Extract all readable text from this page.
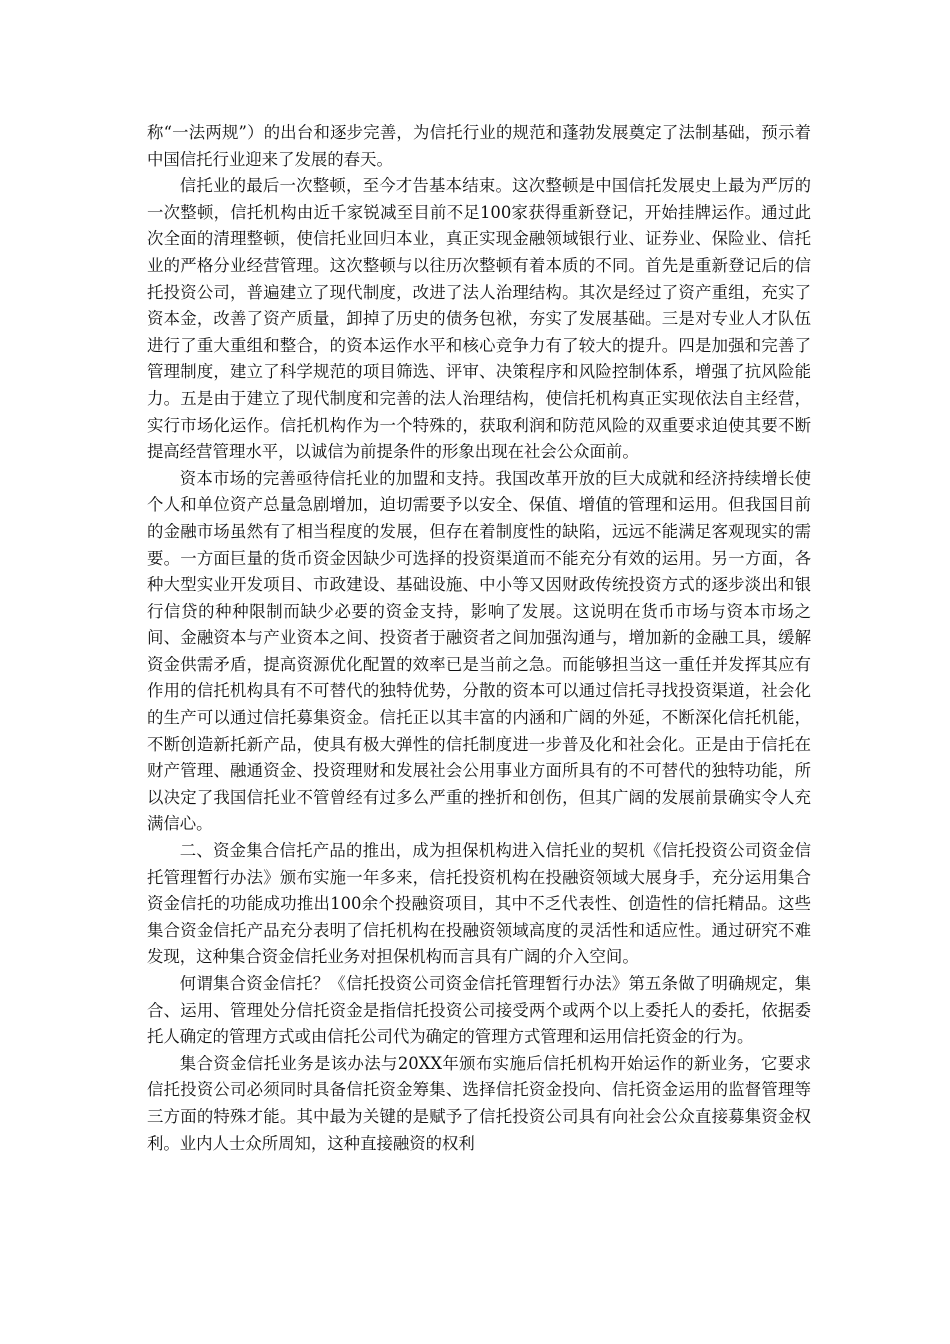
称“一法两规”）的出台和逐步完善，为信托行业的规范和蓬勃发展奠定了法制基础，预示着中国信托行业迎来了发展的春天。

信托业的最后一次整顿，至今才告基本结束。这次整顿是中国信托发展史上最为严厉的一次整顿，信托机构由近千家锐减至目前不足100家获得重新登记，开始挂牌运作。通过此次全面的清理整顿，使信托业回归本业，真正实现金融领域银行业、证券业、保险业、信托业的严格分业经营管理。这次整顿与以往历次整顿有着本质的不同。首先是重新登记后的信托投资公司，普遍建立了现代制度，改进了法人治理结构。其次是经过了资产重组，充实了资本金，改善了资产质量，卸掉了历史的债务包袱，夯实了发展基础。三是对专业人才队伍进行了重大重组和整合，的资本运作水平和核心竞争力有了较大的提升。四是加强和完善了管理制度，建立了科学规范的项目筛选、评审、决策程序和风险控制体系，增强了抗风险能力。五是由于建立了现代制度和完善的法人治理结构，使信托机构真正实现依法自主经营，实行市场化运作。信托机构作为一个特殊的，获取利润和防范风险的双重要求迫使其要不断提高经营管理水平，以诚信为前提条件的形象出现在社会公众面前。

资本市场的完善亟待信托业的加盟和支持。我国改革开放的巨大成就和经济持续增长使个人和单位资产总量急剧增加，迫切需要予以安全、保值、增值的管理和运用。但我国目前的金融市场虽然有了相当程度的发展，但存在着制度性的缺陷，远远不能满足客观现实的需要。一方面巨量的货币资金因缺少可选择的投资渠道而不能充分有效的运用。另一方面，各种大型实业开发项目、市政建设、基础设施、中小等又因财政传统投资方式的逐步淡出和银行信贷的种种限制而缺少必要的资金支持，影响了发展。这说明在货币市场与资本市场之间、金融资本与产业资本之间、投资者于融资者之间加强沟通与，增加新的金融工具，缓解资金供需矛盾，提高资源优化配置的效率已是当前之急。而能够担当这一重任并发挥其应有作用的信托机构具有不可替代的独特优势，分散的资本可以通过信托寻找投资渠道，社会化的生产可以通过信托募集资金。信托正以其丰富的内涵和广阔的外延，不断深化信托机能，不断创造新托新产品，使具有极大弹性的信托制度进一步普及化和社会化。正是由于信托在财产管理、融通资金、投资理财和发展社会公用事业方面所具有的不可替代的独特功能，所以决定了我国信托业不管曾经有过多么严重的挫折和创伤，但其广阔的发展前景确实令人充满信心。

二、资金集合信托产品的推出，成为担保机构进入信托业的契机《信托投资公司资金信托管理暂行办法》颁布实施一年多来，信托投资机构在投融资领域大展身手，充分运用集合资金信托的功能成功推出100余个投融资项目，其中不乏代表性、创造性的信托精品。这些集合资金信托产品充分表明了信托机构在投融资领域高度的灵活性和适应性。通过研究不难发现，这种集合资金信托业务对担保机构而言具有广阔的介入空间。

何谓集合资金信托？《信托投资公司资金信托管理暂行办法》第五条做了明确规定，集合、运用、管理处分信托资金是指信托投资公司接受两个或两个以上委托人的委托，依据委托人确定的管理方式或由信托公司代为确定的管理方式管理和运用信托资金的行为。

集合资金信托业务是该办法与20XX年颁布实施后信托机构开始运作的新业务，它要求信托投资公司必须同时具备信托资金筹集、选择信托资金投向、信托资金运用的监督管理等三方面的特殊才能。其中最为关键的是赋予了信托投资公司具有向社会公众直接募集资金权利。业内人士众所周知，这种直接融资的权利
